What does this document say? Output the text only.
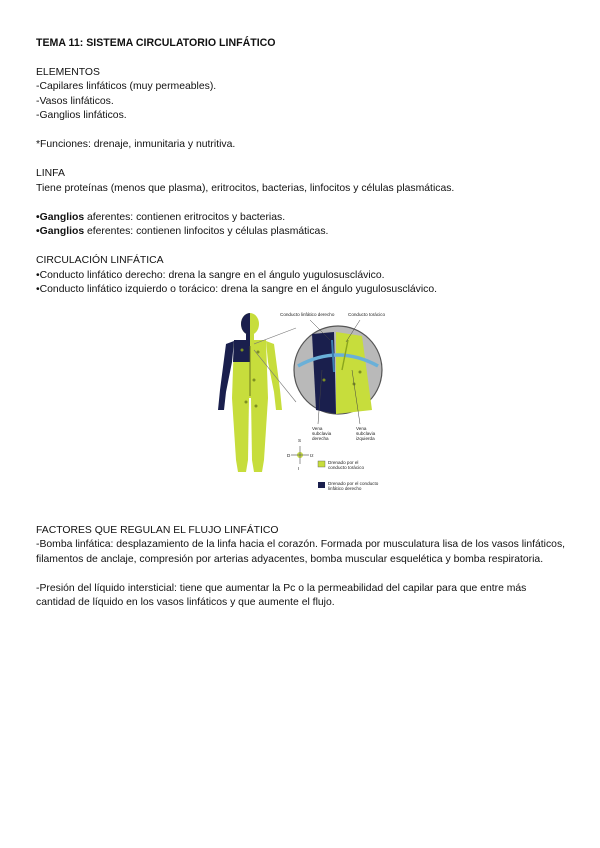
TEMA 11: SISTEMA CIRCULATORIO LINFÁTICO

ELEMENTOS

-Capilares linfáticos (muy permeables).

-Vasos linfáticos.

-Ganglios linfáticos.

*Funciones: drenaje, inmunitaria y nutritiva.

LINFA

Tiene proteínas (menos que plasma), eritrocitos, bacterias, linfocitos y células plasmáticas.

•Ganglios aferentes: contienen eritrocitos y bacterias.

•Ganglios eferentes: contienen linfocitos y células plasmáticas.

CIRCULACIÓN LINFÁTICA

•Conducto linfático derecho: drena la sangre en el ángulo yugulosusclávico.

•Conducto linfático izquierdo o torácico: drena la sangre en el ángulo yugulosusclávico.

Conducto linfático derecho	Conducto torácico
Vena subclavia derecha
Vena subclavia izquierda
S
D	Iz
I
Drenado por el conducto torácico
Drenado por el conducto linfático derecho

FACTORES QUE REGULAN EL FLUJO LINFÁTICO

-Bomba linfática: desplazamiento de la linfa hacia el corazón. Formada por musculatura lisa de los vasos linfáticos, filamentos de anclaje, compresión por arterias adyacentes, bomba muscular esquelética y bomba respiratoria.

-Presión del líquido intersticial: tiene que aumentar la Pc o la permeabilidad del capilar para que entre más cantidad de líquido en los vasos linfáticos y que aumente el flujo.
